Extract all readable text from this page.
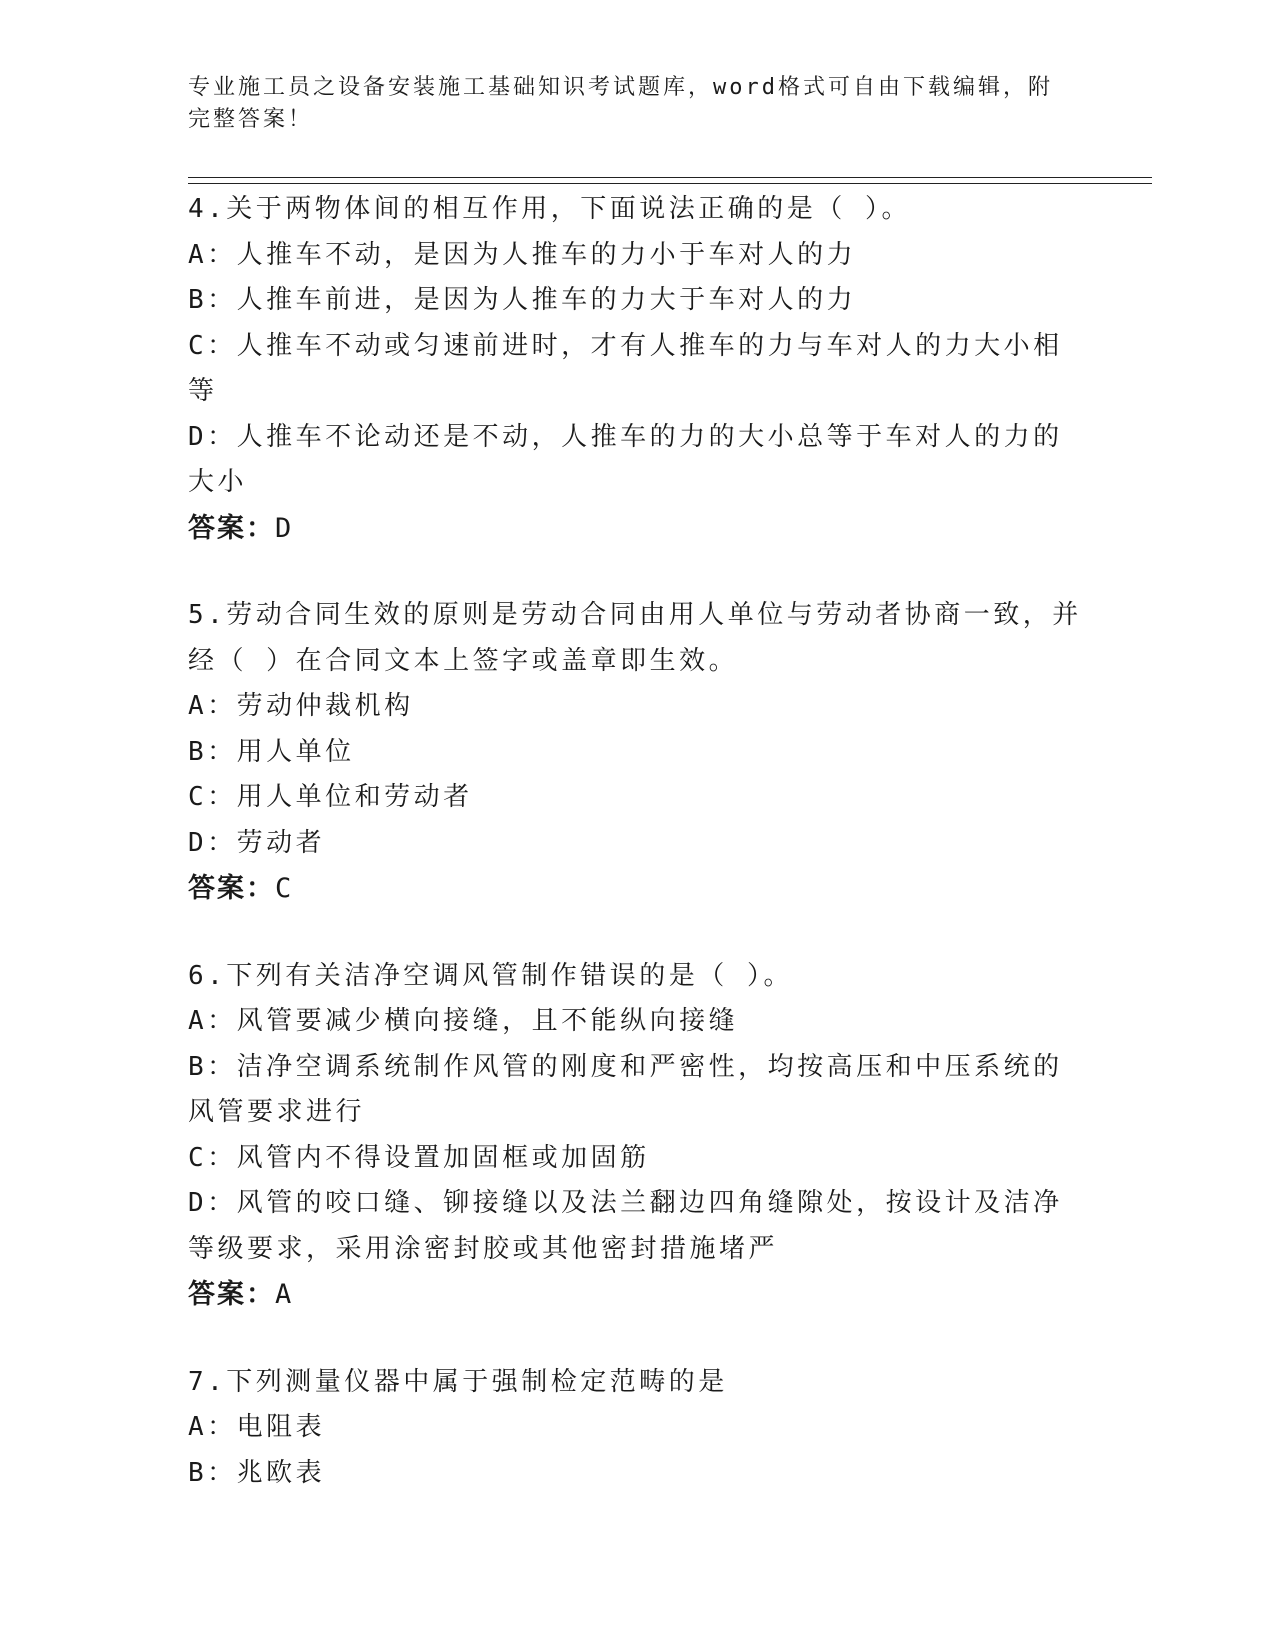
专业施工员之设备安装施工基础知识考试题库，word格式可自由下载编辑，附完整答案！
4.关于两物体间的相互作用，下面说法正确的是（ ）。
A：人推车不动，是因为人推车的力小于车对人的力
B：人推车前进，是因为人推车的力大于车对人的力
C：人推车不动或匀速前进时，才有人推车的力与车对人的力大小相等
D：人推车不论动还是不动，人推车的力的大小总等于车对人的力的大小
答案：D
5.劳动合同生效的原则是劳动合同由用人单位与劳动者协商一致，并经（ ）在合同文本上签字或盖章即生效。
A：劳动仲裁机构
B：用人单位
C：用人单位和劳动者
D：劳动者
答案：C
6.下列有关洁净空调风管制作错误的是（ ）。
A：风管要减少横向接缝，且不能纵向接缝
B：洁净空调系统制作风管的刚度和严密性，均按高压和中压系统的风管要求进行
C：风管内不得设置加固框或加固筋
D：风管的咬口缝、铆接缝以及法兰翻边四角缝隙处，按设计及洁净等级要求，采用涂密封胶或其他密封措施堵严
答案：A
7.下列测量仪器中属于强制检定范畴的是
A：电阻表
B：兆欧表
